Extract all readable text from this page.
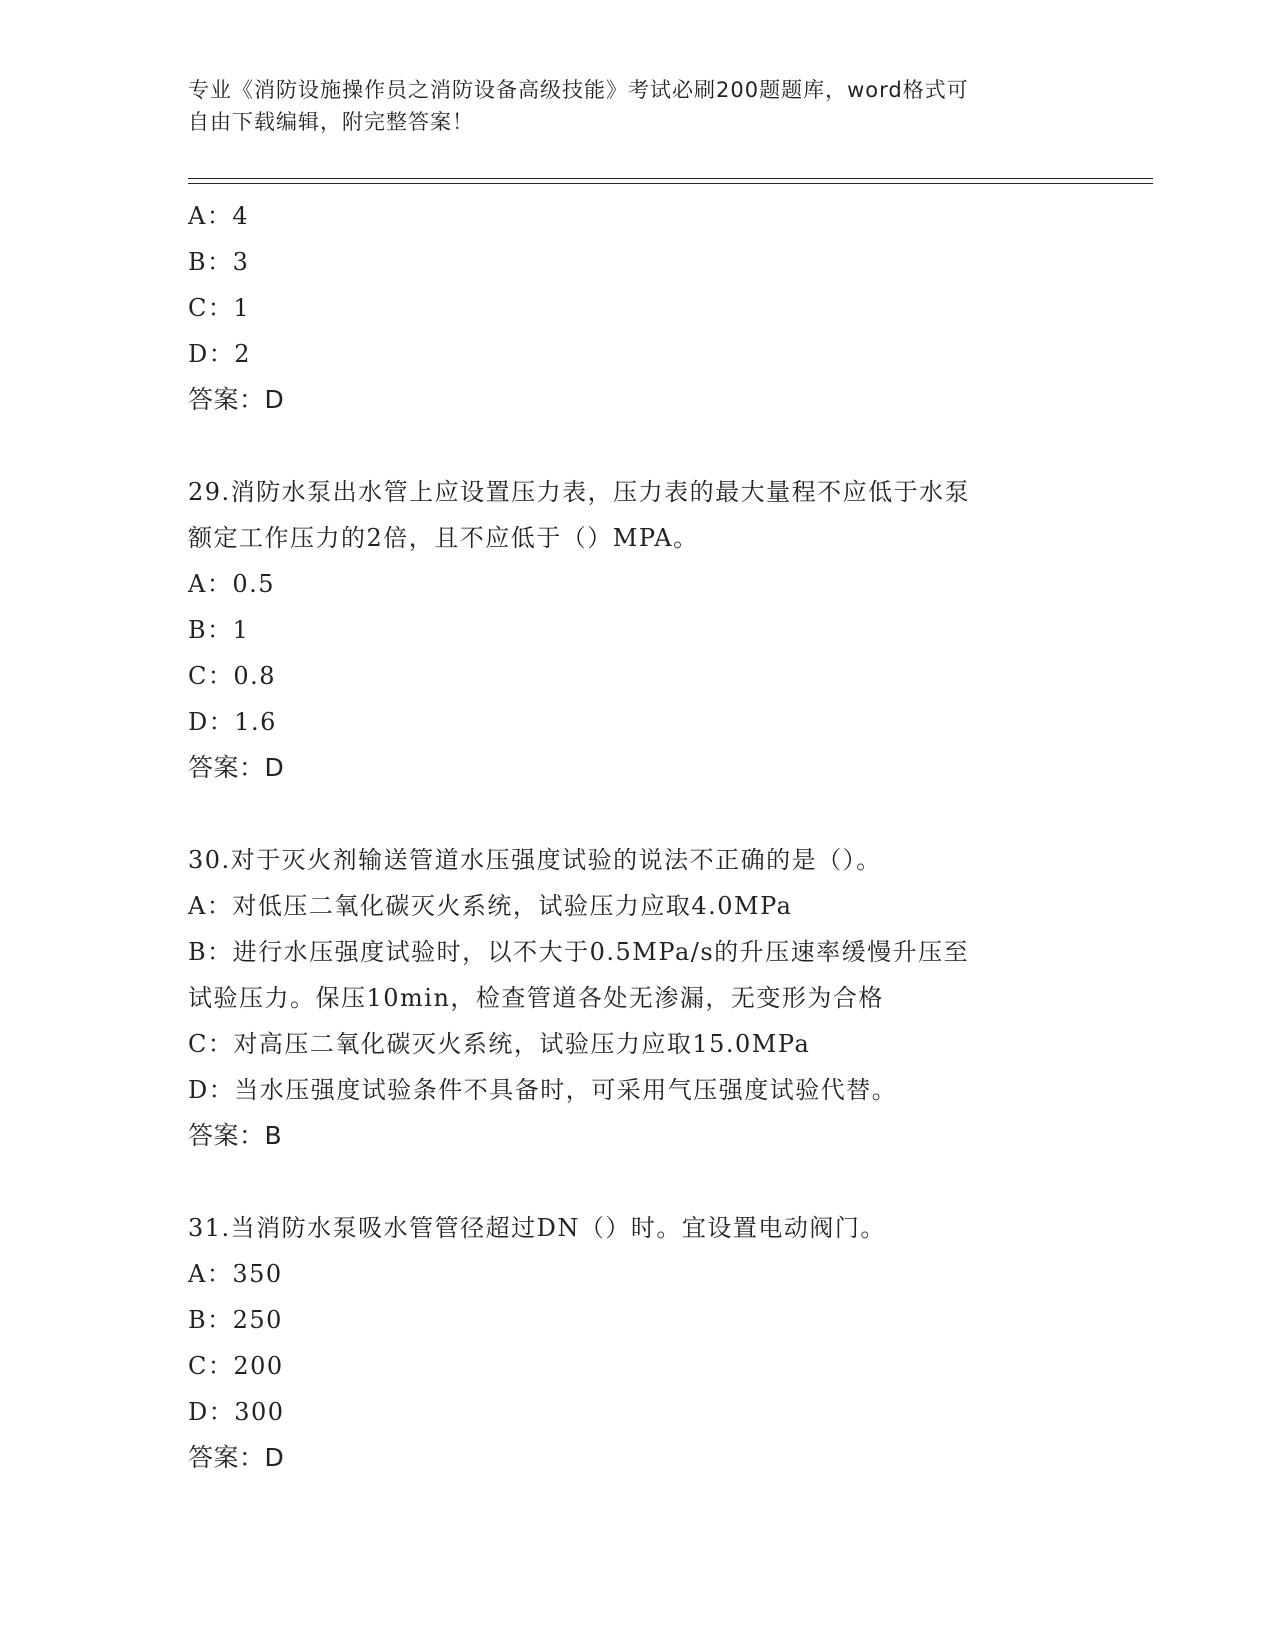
专业《消防设施操作员之消防设备高级技能》考试必刷200题题库，word格式可
自由下载编辑，附完整答案！
A：4
B：3
C：1
D：2
答案：D
29.消防水泵出水管上应设置压力表，压力表的最大量程不应低于水泵
额定工作压力的2倍，且不应低于（）MPA。
A：0.5
B：1
C：0.8
D：1.6
答案：D
30.对于灭火剂输送管道水压强度试验的说法不正确的是（）。
A：对低压二氧化碳灭火系统，试验压力应取4.0MPa
B：进行水压强度试验时，以不大于0.5MPa/s的升压速率缓慢升压至
试验压力。保压10min，检查管道各处无渗漏，无变形为合格
C：对高压二氧化碳灭火系统，试验压力应取15.0MPa
D：当水压强度试验条件不具备时，可采用气压强度试验代替。
答案：B
31.当消防水泵吸水管管径超过DN（）时。宜设置电动阀门。
A：350
B：250
C：200
D：300
答案：D
